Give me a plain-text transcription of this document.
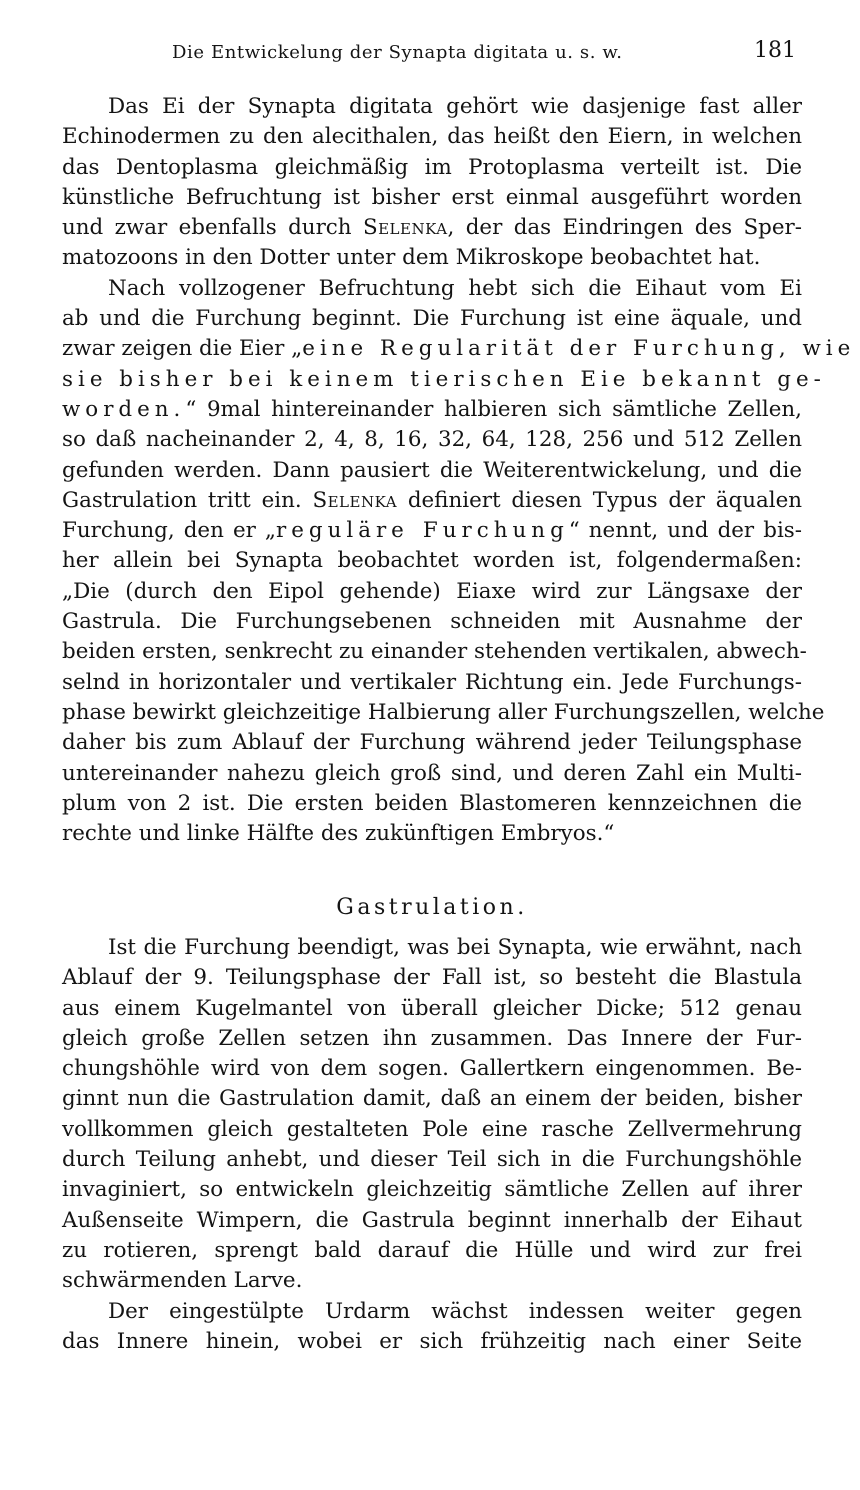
Die Entwickelung der Synapta digitata u. s. w.	181
Das Ei der Synapta digitata gehört wie dasjenige fast aller
Echinodermen zu den alecithalen, das heißt den Eiern, in welchen
das Dentoplasma gleichmäßig im Protoplasma verteilt ist. Die
künstliche Befruchtung ist bisher erst einmal ausgeführt worden
und zwar ebenfalls durch Selenka, der das Eindringen des Sper-
matozoons in den Dotter unter dem Mikroskope beobachtet hat.
Nach vollzogener Befruchtung hebt sich die Eihaut vom Ei
ab und die Furchung beginnt. Die Furchung ist eine äquale, und
zwar zeigen die Eier „eine Regularität der Furchung, wie
sie bisher bei keinem tierischen Eie bekannt ge-
worden.“ 9mal hintereinander halbieren sich sämtliche Zellen,
so daß nacheinander 2, 4, 8, 16, 32, 64, 128, 256 und 512 Zellen
gefunden werden. Dann pausiert die Weiterentwickelung, und die
Gastrulation tritt ein. Selenka definiert diesen Typus der äqualen
Furchung, den er „reguläre Furchung“ nennt, und der bis-
her allein bei Synapta beobachtet worden ist, folgendermaßen:
„Die (durch den Eipol gehende) Eiaxe wird zur Längsaxe der
Gastrula. Die Furchungsebenen schneiden mit Ausnahme der
beiden ersten, senkrecht zu einander stehenden vertikalen, abwech-
selnd in horizontaler und vertikaler Richtung ein. Jede Furchungs-
phase bewirkt gleichzeitige Halbierung aller Furchungszellen, welche
daher bis zum Ablauf der Furchung während jeder Teilungsphase
untereinander nahezu gleich groß sind, und deren Zahl ein Multi-
plum von 2 ist. Die ersten beiden Blastomeren kennzeichnen die
rechte und linke Hälfte des zukünftigen Embryos.“
Gastrulation.
Ist die Furchung beendigt, was bei Synapta, wie erwähnt, nach
Ablauf der 9. Teilungsphase der Fall ist, so besteht die Blastula
aus einem Kugelmantel von überall gleicher Dicke; 512 genau
gleich große Zellen setzen ihn zusammen. Das Innere der Fur-
chungshöhle wird von dem sogen. Gallertkern eingenommen. Be-
ginnt nun die Gastrulation damit, daß an einem der beiden, bisher
vollkommen gleich gestalteten Pole eine rasche Zellvermehrung
durch Teilung anhebt, und dieser Teil sich in die Furchungshöhle
invaginiert, so entwickeln gleichzeitig sämtliche Zellen auf ihrer
Außenseite Wimpern, die Gastrula beginnt innerhalb der Eihaut
zu rotieren, sprengt bald darauf die Hülle und wird zur frei
schwärmenden Larve.
Der eingestülpte Urdarm wächst indessen weiter gegen
das Innere hinein, wobei er sich frühzeitig nach einer Seite
